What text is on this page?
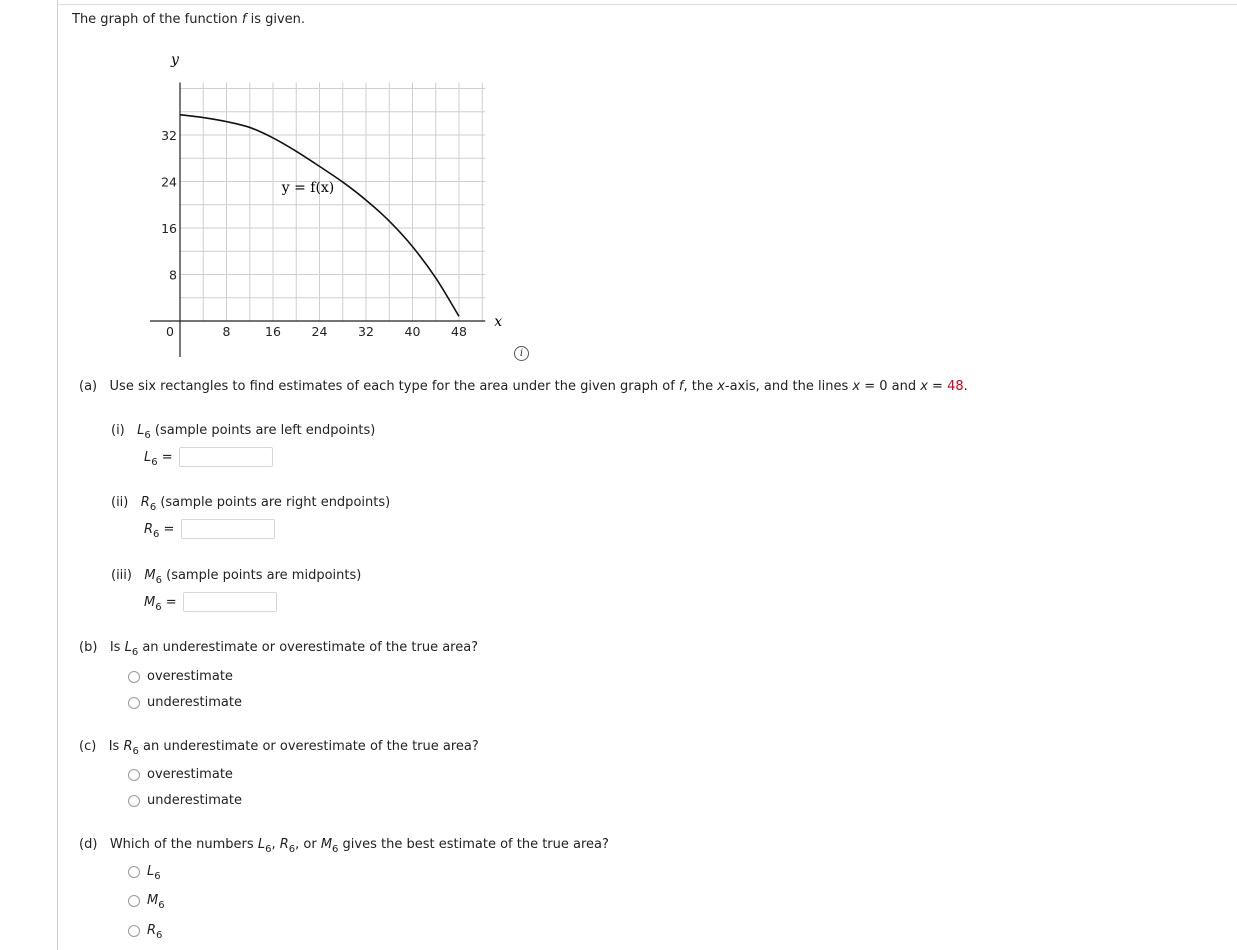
The graph of the function f is given.
0	8	16 24 32 40 48
8
16
24
32
y
x
y = f(x)
i
(a) Use six rectangles to find estimates of each type for the area under the given graph of f, the x-axis, and the lines x = 0 and x = 48.
(i) $L_6$ (sample points are left endpoints)
$L_6$ =
(ii) $R_6$ (sample points are right endpoints)
$R_6$ =
(iii) $M_6$ (sample points are midpoints)
$M_6$ =
(b) Is $L_6$ an underestimate or overestimate of the true area?
overestimate
underestimate
(c) Is $R_6$ an underestimate or overestimate of the true area?
overestimate
underestimate
(d) Which of the numbers $L_6$, $R_6$, or $M_6$ gives the best estimate of the true area?
$L_6$
$M_6$
$R_6$
